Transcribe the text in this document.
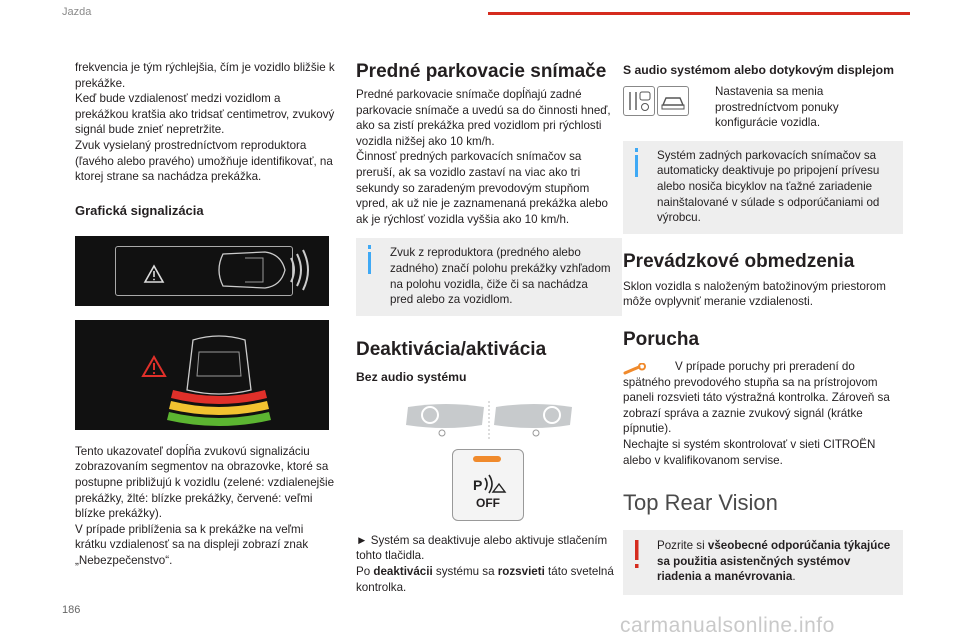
Jazda

frekvencia je tým rýchlejšia, čím je vozidlo bližšie k prekážke.

Keď bude vzdialenosť medzi vozidlom a prekážkou kratšia ako tridsať centimetrov, zvukový signál bude znieť nepretržite.

Zvuk vysielaný prostredníctvom reproduktora (ľavého alebo pravého) umožňuje identifikovať, na ktorej strane sa nachádza prekážka.

Grafická signalizácia

Tento ukazovateľ dopĺňa zvukovú signalizáciu zobrazovaním segmentov na obrazovke, ktoré sa postupne približujú k vozidlu (zelené: vzdialenejšie prekážky, žlté: blízke prekážky, červené: veľmi blízke prekážky).

V prípade priblíženia sa k prekážke na veľmi krátku vzdialenosť sa na displeji zobrazí znak „Nebezpečenstvo“.

Predné parkovacie snímače

Predné parkovacie snímače dopĺňajú zadné parkovacie snímače a uvedú sa do činnosti hneď, ako sa zistí prekážka pred vozidlom pri rýchlosti vozidla nižšej ako 10 km/h.

Činnosť predných parkovacích snímačov sa preruší, ak sa vozidlo zastaví na viac ako tri sekundy so zaradeným prevodovým stupňom vpred, ak už nie je zaznamenaná prekážka alebo ak je rýchlosť vozidla vyššia ako 10 km/h.

Zvuk z reproduktora (predného alebo zadného) značí polohu prekážky vzhľadom na polohu vozidla, čiže či sa nachádza pred alebo za vozidlom.

Deaktivácia/aktivácia

Bez audio systému

P
OFF

► Systém sa deaktivuje alebo aktivuje stlačením tohto tlačidla.

Po deaktivácii systému sa rozsvieti táto svetelná kontrolka.

S audio systémom alebo dotykovým displejom

Nastavenia sa menia prostredníctvom ponuky konfigurácie vozidla.

Systém zadných parkovacích snímačov sa automaticky deaktivuje po pripojení prívesu alebo nosiča bicyklov na ťažné zariadenie nainštalované v súlade s odporúčaniami od výrobcu.

Prevádzkové obmedzenia

Sklon vozidla s naloženým batožinovým priestorom môže ovplyvniť meranie vzdialenosti.

Porucha

V prípade poruchy pri preradení do spätného prevodového stupňa sa na prístrojovom paneli rozsvieti táto výstražná kontrolka. Zároveň sa zobrazí správa a zaznie zvukový signál (krátke pípnutie).

Nechajte si systém skontrolovať v sieti CITROËN alebo v kvalifikovanom servise.

Top Rear Vision

Pozrite si všeobecné odporúčania týkajúce sa použitia asistenčných systémov riadenia a manévrovania.

186
carmanualsonline.info
